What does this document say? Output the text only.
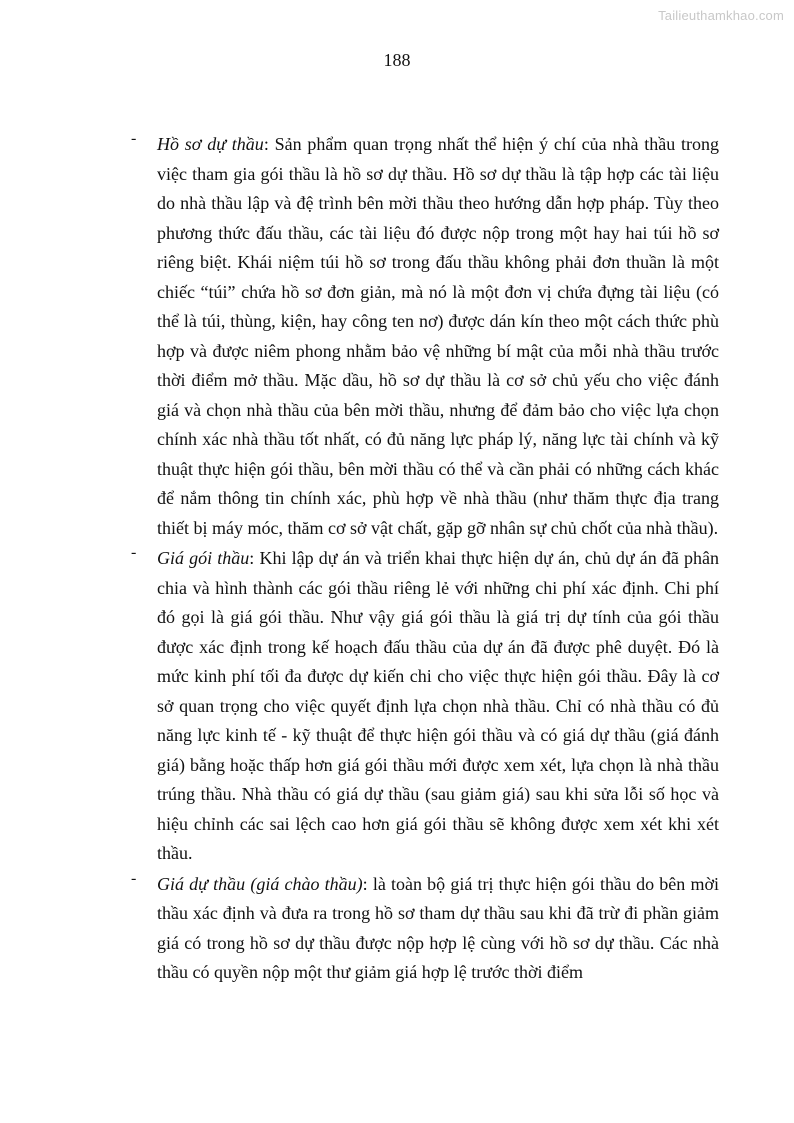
Tailieuthamkhao.com
188
- Hồ sơ dự thầu: Sản phẩm quan trọng nhất thể hiện ý chí của nhà thầu trong việc tham gia gói thầu là hồ sơ dự thầu. Hồ sơ dự thầu là tập hợp các tài liệu do nhà thầu lập và đệ trình bên mời thầu theo hướng dẫn hợp pháp. Tùy theo phương thức đấu thầu, các tài liệu đó được nộp trong một hay hai túi hồ sơ riêng biệt. Khái niệm túi hồ sơ trong đấu thầu không phải đơn thuần là một chiếc “túi” chứa hồ sơ đơn giản, mà nó là một đơn vị chứa đựng tài liệu (có thể là túi, thùng, kiện, hay công ten nơ) được dán kín theo một cách thức phù hợp và được niêm phong nhằm bảo vệ những bí mật của mỗi nhà thầu trước thời điểm mở thầu. Mặc dầu, hồ sơ dự thầu là cơ sở chủ yếu cho việc đánh giá và chọn nhà thầu của bên mời thầu, nhưng để đảm bảo cho việc lựa chọn chính xác nhà thầu tốt nhất, có đủ năng lực pháp lý, năng lực tài chính và kỹ thuật thực hiện gói thầu, bên mời thầu có thể và cần phải có những cách khác để nắm thông tin chính xác, phù hợp về nhà thầu (như thăm thực địa trang thiết bị máy móc, thăm cơ sở vật chất, gặp gỡ nhân sự chủ chốt của nhà thầu).

- Giá gói thầu: Khi lập dự án và triển khai thực hiện dự án, chủ dự án đã phân chia và hình thành các gói thầu riêng lẻ với những chi phí xác định. Chi phí đó gọi là giá gói thầu. Như vậy giá gói thầu là giá trị dự tính của gói thầu được xác định trong kế hoạch đấu thầu của dự án đã được phê duyệt. Đó là mức kinh phí tối đa được dự kiến chi cho việc thực hiện gói thầu. Đây là cơ sở quan trọng cho việc quyết định lựa chọn nhà thầu. Chỉ có nhà thầu có đủ năng lực kinh tế - kỹ thuật để thực hiện gói thầu và có giá dự thầu (giá đánh giá) bằng hoặc thấp hơn giá gói thầu mới được xem xét, lựa chọn là nhà thầu trúng thầu. Nhà thầu có giá dự thầu (sau giảm giá) sau khi sửa lỗi số học và hiệu chỉnh các sai lệch cao hơn giá gói thầu sẽ không được xem xét khi xét thầu.

- Giá dự thầu (giá chào thầu): là toàn bộ giá trị thực hiện gói thầu do bên mời thầu xác định và đưa ra trong hồ sơ tham dự thầu sau khi đã trừ đi phần giảm giá có trong hồ sơ dự thầu được nộp hợp lệ cùng với hồ sơ dự thầu. Các nhà thầu có quyền nộp một thư giảm giá hợp lệ trước thời điểm
